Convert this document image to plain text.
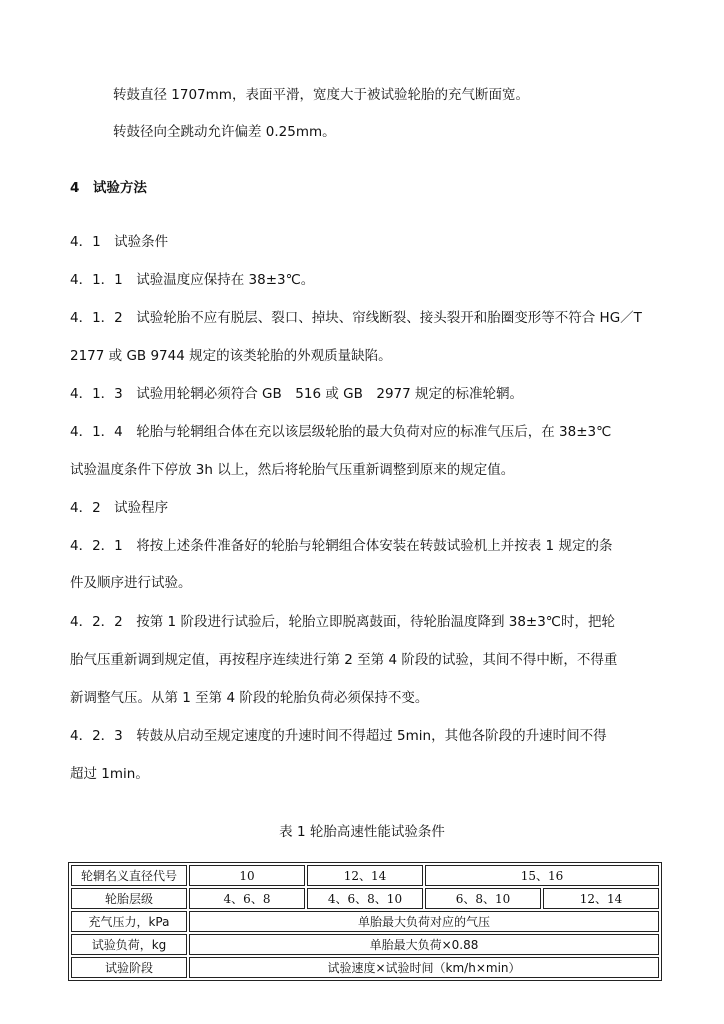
转鼓直径 1707mm，表面平滑，宽度大于被试验轮胎的充气断面宽。
转鼓径向全跳动允许偏差 0.25mm。
4　试验方法
4．1　试验条件
4．1．1　试验温度应保持在 38±3℃。
4．1．2　试验轮胎不应有脱层、裂口、掉块、帘线断裂、接头裂开和胎圈变形等不符合 HG／T
2177 或 GB 9744 规定的该类轮胎的外观质量缺陷。
4．1．3　试验用轮辋必须符合 GB　516 或 GB　2977 规定的标准轮辋。
4．1．4　轮胎与轮辋组合体在充以该层级轮胎的最大负荷对应的标准气压后，在 38±3℃
试验温度条件下停放 3h 以上，然后将轮胎气压重新调整到原来的规定值。
4．2　试验程序
4．2．1　将按上述条件准备好的轮胎与轮辋组合体安装在转鼓试验机上并按表 1 规定的条
件及顺序进行试验。
4．2．2　按第 1 阶段进行试验后，轮胎立即脱离鼓面，待轮胎温度降到 38±3℃时，把轮
胎气压重新调到规定值，再按程序连续进行第 2 至第 4 阶段的试验，其间不得中断，不得重
新调整气压。从第 1 至第 4 阶段的轮胎负荷必须保持不变。
4．2．3　转鼓从启动至规定速度的升速时间不得超过 5min，其他各阶段的升速时间不得
超过 1min。
表 1 轮胎高速性能试验条件
轮辋名义直径代号	10	12、14	15、16	
轮胎层级	4、6、8	4、6、8、10	6、8、10	12、14
充气压力，kPa	单胎最大负荷对应的气压			
试验负荷，kg	单胎最大负荷×0.88			
试验阶段	试验速度×试验时间（km/h×min）			
